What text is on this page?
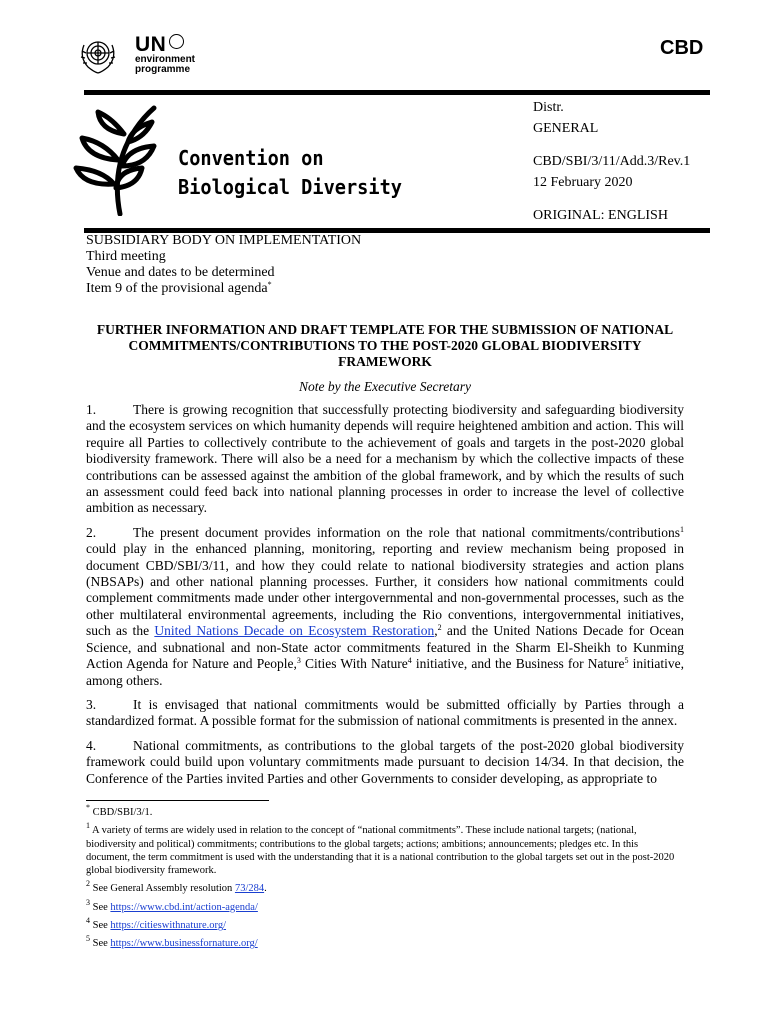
UN
environment
programme
CBD
Convention on
Biological Diversity
Distr.
GENERAL
CBD/SBI/3/11/Add.3/Rev.1
12 February 2020
ORIGINAL: ENGLISH
SUBSIDIARY BODY ON IMPLEMENTATION
Third meeting
Venue and dates to be determined
Item 9 of the provisional agenda*
FURTHER INFORMATION AND DRAFT TEMPLATE FOR THE SUBMISSION OF NATIONAL
COMMITMENTS/CONTRIBUTIONS TO THE POST-2020 GLOBAL BIODIVERSITY
FRAMEWORK
Note by the Executive Secretary

1.	There is growing recognition that successfully protecting biodiversity and safeguarding biodiversity and the ecosystem services on which humanity depends will require heightened ambition and action. This will require all Parties to collectively contribute to the achievement of goals and targets in the post-2020 global biodiversity framework. There will also be a need for a mechanism by which the collective impacts of these contributions can be assessed against the ambition of the global framework, and by which the results of such an assessment could feed back into national planning processes in order to increase the level of collective ambition as necessary.

2.	The present document provides information on the role that national commitments/contributions$^1$ could play in the enhanced planning, monitoring, reporting and review mechanism being proposed in document CBD/SBI/3/11, and how they could relate to national biodiversity strategies and action plans (NBSAPs) and other national planning processes. Further, it considers how national commitments could complement commitments made under other intergovernmental and non-governmental processes, such as the other multilateral environmental agreements, including the Rio conventions, intergovernmental initiatives, such as the United Nations Decade on Ecosystem Restoration,$^2$ and the United Nations Decade for Ocean Science, and subnational and non-State actor commitments featured in the Sharm El-Sheikh to Kunming Action Agenda for Nature and People,$^3$ Cities With Nature$^4$ initiative, and the Business for Nature$^5$ initiative, among others.

3.	It is envisaged that national commitments would be submitted officially by Parties through a standardized format. A possible format for the submission of national commitments is presented in the annex.

4.	National commitments, as contributions to the global targets of the post-2020 global biodiversity framework could build upon voluntary commitments made pursuant to decision 14/34. In that decision, the Conference of the Parties invited Parties and other Governments to consider developing, as appropriate to

* CBD/SBI/3/1.

$^1$ A variety of terms are widely used in relation to the concept of “national commitments”. These include national targets; (national, biodiversity and political) commitments; contributions to the global targets; actions; ambitions; announcements; pledges etc. In this document, the term commitment is used with the understanding that it is a national contribution to the global targets set out in the post-2020 global biodiversity framework.

$^2$ See General Assembly resolution 73/284.

$^3$ See https://www.cbd.int/action-agenda/

$^4$ See https://citieswithnature.org/

$^5$ See https://www.businessfornature.org/
